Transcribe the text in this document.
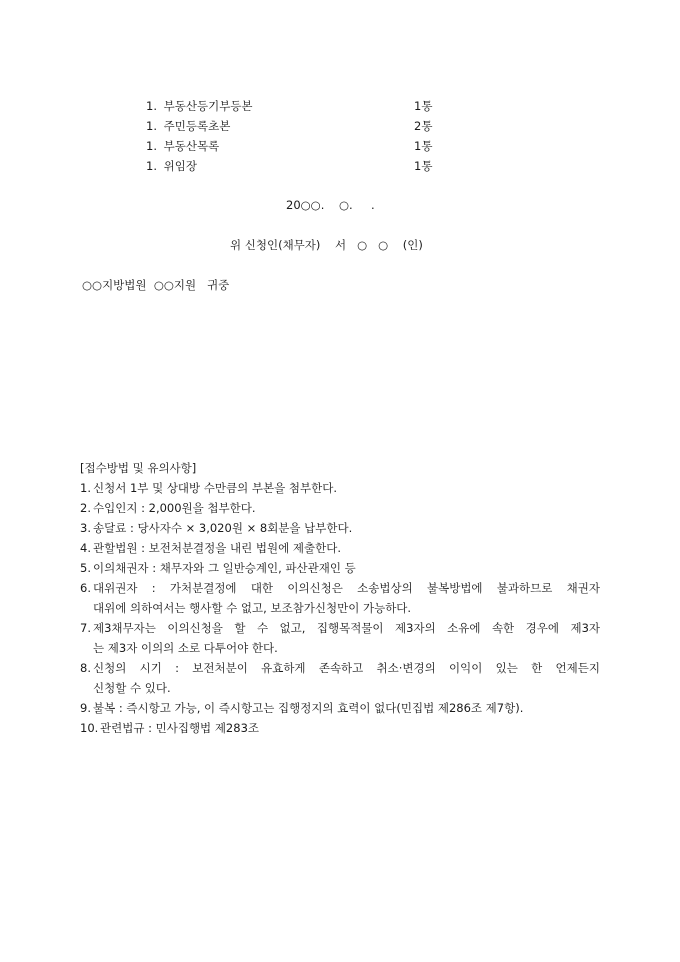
1. 부동산등기부등본	1통
1. 주민등록초본	2통
1. 부동산목록	1통
1. 위임장	1통
20○○.    ○.     .
위 신청인(채무자)    서   ○   ○    (인)
○○지방법원  ○○지원   귀중
[접수방법 및 유의사항]
1. 신청서 1부 및 상대방 수만큼의 부본을 첨부한다.
2. 수입인지 : 2,000원을 첩부한다.
3. 송달료 : 당사자수 × 3,020원 × 8회분을 납부한다.
4. 관할법원 : 보전처분결정을 내린 법원에 제출한다.
5. 이의채권자 : 채무자와 그 일반승계인, 파산관재인 등
6. 대위권자 : 가처분결정에 대한 이의신청은 소송법상의 불복방법에 불과하므로 채권자
대위에 의하여서는 행사할 수 없고, 보조참가신청만이 가능하다.
7. 제3채무자는 이의신청을 할 수 없고, 집행목적물이 제3자의 소유에 속한 경우에 제3자
는 제3자 이의의 소로 다투어야 한다.
8. 신청의 시기 : 보전처분이 유효하게 존속하고 취소·변경의 이익이 있는 한 언제든지
신청할 수 있다.
9. 불복 : 즉시항고 가능, 이 즉시항고는 집행정지의 효력이 없다(민집법 제286조 제7항).
10. 관련법규 : 민사집행법 제283조
